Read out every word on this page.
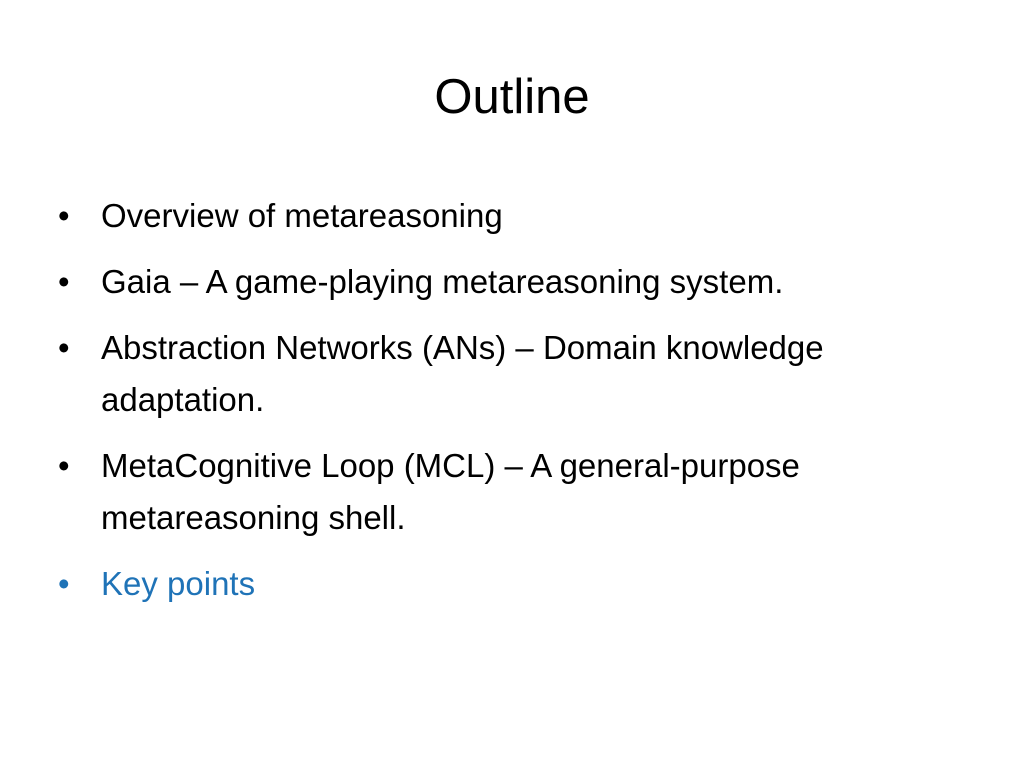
Outline
• Overview of metareasoning
• Gaia – A game-playing metareasoning system.
• Abstraction Networks (ANs) – Domain knowledge adaptation.
• MetaCognitive Loop (MCL) – A general-purpose metareasoning shell.
• Key points
